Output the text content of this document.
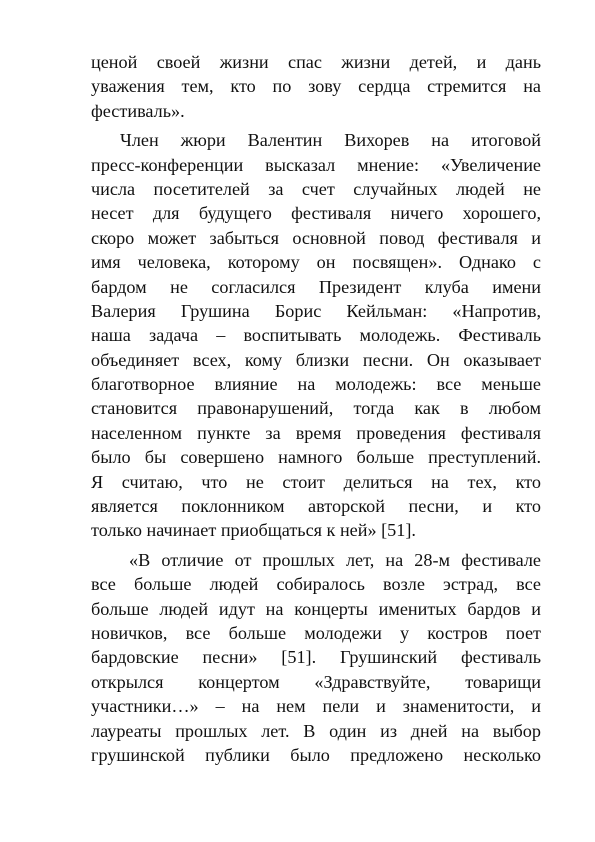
ценой своей жизни спас жизни детей, и дань
уважения тем, кто по зову сердца стремится на
фестиваль».
Член жюри Валентин Вихорев на итоговой
пресс-конференции высказал мнение: «Увеличение
числа посетителей за счет случайных людей не
несет для будущего фестиваля ничего хорошего,
скоро может забыться основной повод фестиваля и
имя человека, которому он посвящен». Однако с
бардом не согласился Президент клуба имени
Валерия Грушина Борис Кейльман: «Напротив,
наша задача – воспитывать молодежь. Фестиваль
объединяет всех, кому близки песни. Он оказывает
благотворное влияние на молодежь: все меньше
становится правонарушений, тогда как в любом
населенном пункте за время проведения фестиваля
было бы совершено намного больше преступлений.
Я считаю, что не стоит делиться на тех, кто
является поклонником авторской песни, и кто
только начинает приобщаться к ней» [51].
«В отличие от прошлых лет, на 28-м фестивале
все больше людей собиралось возле эстрад, все
больше людей идут на концерты именитых бардов и
новичков, все больше молодежи у костров поет
бардовские песни» [51]. Грушинский фестиваль
открылся концертом «Здравствуйте, товарищи
участники…» – на нем пели и знаменитости, и
лауреаты прошлых лет. В один из дней на выбор
грушинской публики было предложено несколько
